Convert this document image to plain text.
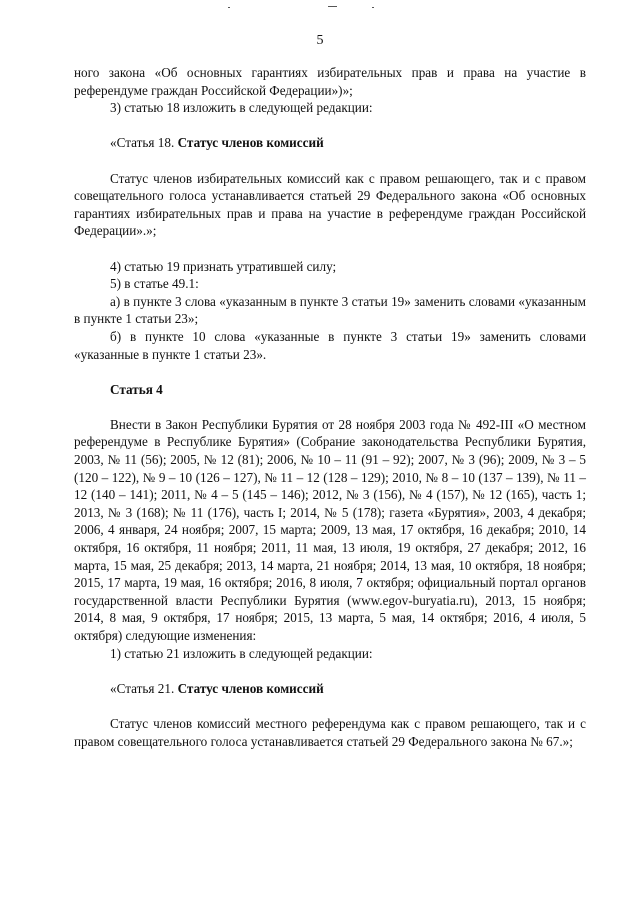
5

ного закона «Об основных гарантиях избирательных прав и права на участие в референдуме граждан Российской Федерации»)»;

3) статью 18 изложить в следующей редакции:

«Статья 18. Статус членов комиссий

Статус членов избирательных комиссий как с правом решающего, так и с правом совещательного голоса устанавливается статьей 29 Федерального закона «Об основных гарантиях избирательных прав и права на участие в референдуме граждан Российской Федерации».»;

4) статью 19 признать утратившей силу;

5) в статье 49.1:

а) в пункте 3 слова «указанным в пункте 3 статьи 19» заменить словами «указанным в пункте 1 статьи 23»;

б) в пункте 10 слова «указанные в пункте 3 статьи 19» заменить словами «указанные в пункте 1 статьи 23».

Статья 4

Внести в Закон Республики Бурятия от 28 ноября 2003 года № 492-III «О местном референдуме в Республике Бурятия» (Собрание законодательства Республики Бурятия, 2003, № 11 (56); 2005, № 12 (81); 2006, № 10 – 11 (91 – 92); 2007, № 3 (96); 2009, № 3 – 5 (120 – 122), № 9 – 10 (126 – 127), № 11 – 12 (128 – 129); 2010, № 8 – 10 (137 – 139), № 11 – 12 (140 – 141); 2011, № 4 – 5 (145 – 146); 2012, № 3 (156), № 4 (157), № 12 (165), часть 1; 2013, № 3 (168); № 11 (176), часть I; 2014, № 5 (178); газета «Бурятия», 2003, 4 декабря; 2006, 4 января, 24 ноября; 2007, 15 марта; 2009, 13 мая, 17 октября, 16 декабря; 2010, 14 октября, 16 октября, 11 ноября; 2011, 11 мая, 13 июля, 19 октября, 27 декабря; 2012, 16 марта, 15 мая, 25 декабря; 2013, 14 марта, 21 ноября; 2014, 13 мая, 10 октября, 18 ноября; 2015, 17 марта, 19 мая, 16 октября; 2016, 8 июля, 7 октября; официальный портал органов государственной власти Республики Бурятия (www.egov-buryatia.ru), 2013, 15 ноября; 2014, 8 мая, 9 октября, 17 ноября; 2015, 13 марта, 5 мая, 14 октября; 2016, 4 июля, 5 октября) следующие изменения:

1) статью 21 изложить в следующей редакции:

«Статья 21. Статус членов комиссий

Статус членов комиссий местного референдума как с правом решающего, так и с правом совещательного голоса устанавливается статьей 29 Федерального закона № 67.»;
